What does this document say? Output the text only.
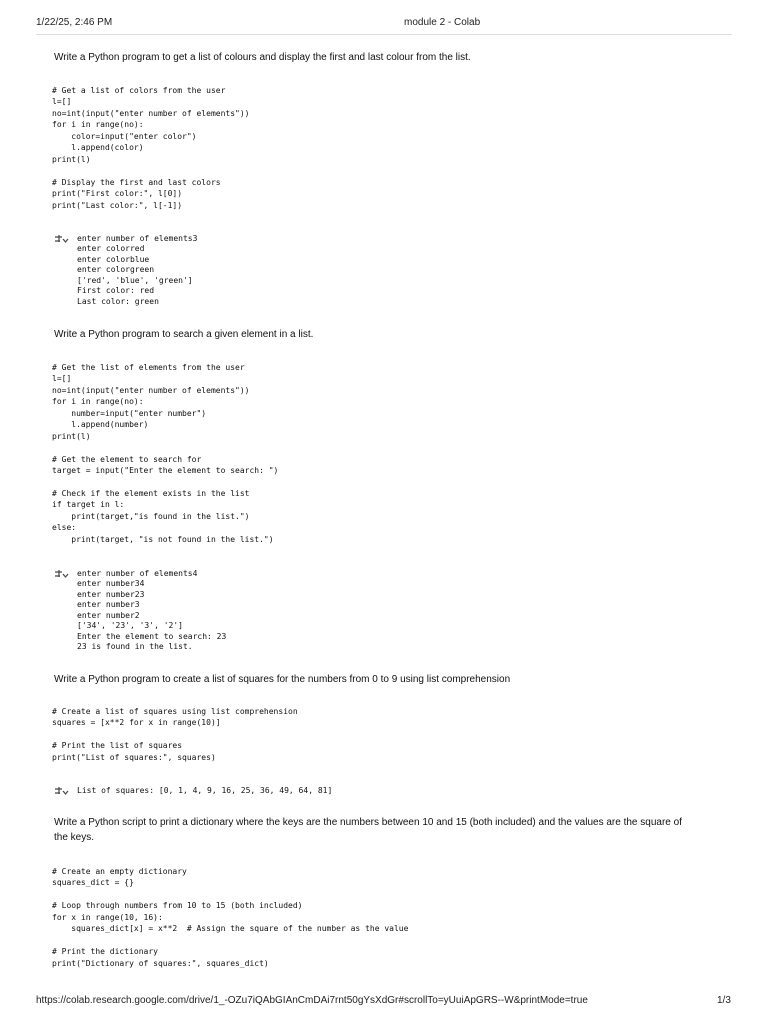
1/22/25, 2:46 PM	module 2 - Colab
Write a Python program to get a list of colours and display the first and last colour from the list.
# Get a list of colors from the user
l=[]
no=int(input("enter number of elements"))
for i in range(no):
color=input("enter color")
l.append(color)
print(l)

# Display the first and last colors
print("First color:", l[0])
print("Last color:", l[-1])
enter number of elements3
enter colorred
enter colorblue
enter colorgreen
['red', 'blue', 'green']
First color: red
Last color: green
Write a Python program to search a given element in a list.
# Get the list of elements from the user
l=[]
no=int(input("enter number of elements"))
for i in range(no):
number=input("enter number")
l.append(number)
print(l)

# Get the element to search for
target = input("Enter the element to search: ")

# Check if the element exists in the list
if target in l:
print(target,"is found in the list.")
else:
print(target, "is not found in the list.")
enter number of elements4
enter number34
enter number23
enter number3
enter number2
['34', '23', '3', '2']
Enter the element to search: 23
23 is found in the list.
Write a Python program to create a list of squares for the numbers from 0 to 9 using list comprehension
# Create a list of squares using list comprehension
squares = [x**2 for x in range(10)]

# Print the list of squares
print("List of squares:", squares)
List of squares: [0, 1, 4, 9, 16, 25, 36, 49, 64, 81]
Write a Python script to print a dictionary where the keys are the numbers between 10 and 15 (both included) and the values are the square of
the keys.
# Create an empty dictionary
squares_dict = {}

# Loop through numbers from 10 to 15 (both included)
for x in range(10, 16):
squares_dict[x] = x**2  # Assign the square of the number as the value

# Print the dictionary
print("Dictionary of squares:", squares_dict)
https://colab.research.google.com/drive/1_-OZu7iQAbGIAnCmDAi7rnt50gYsXdGr#scrollTo=yUuiApGRS--W&printMode=true	1/3
